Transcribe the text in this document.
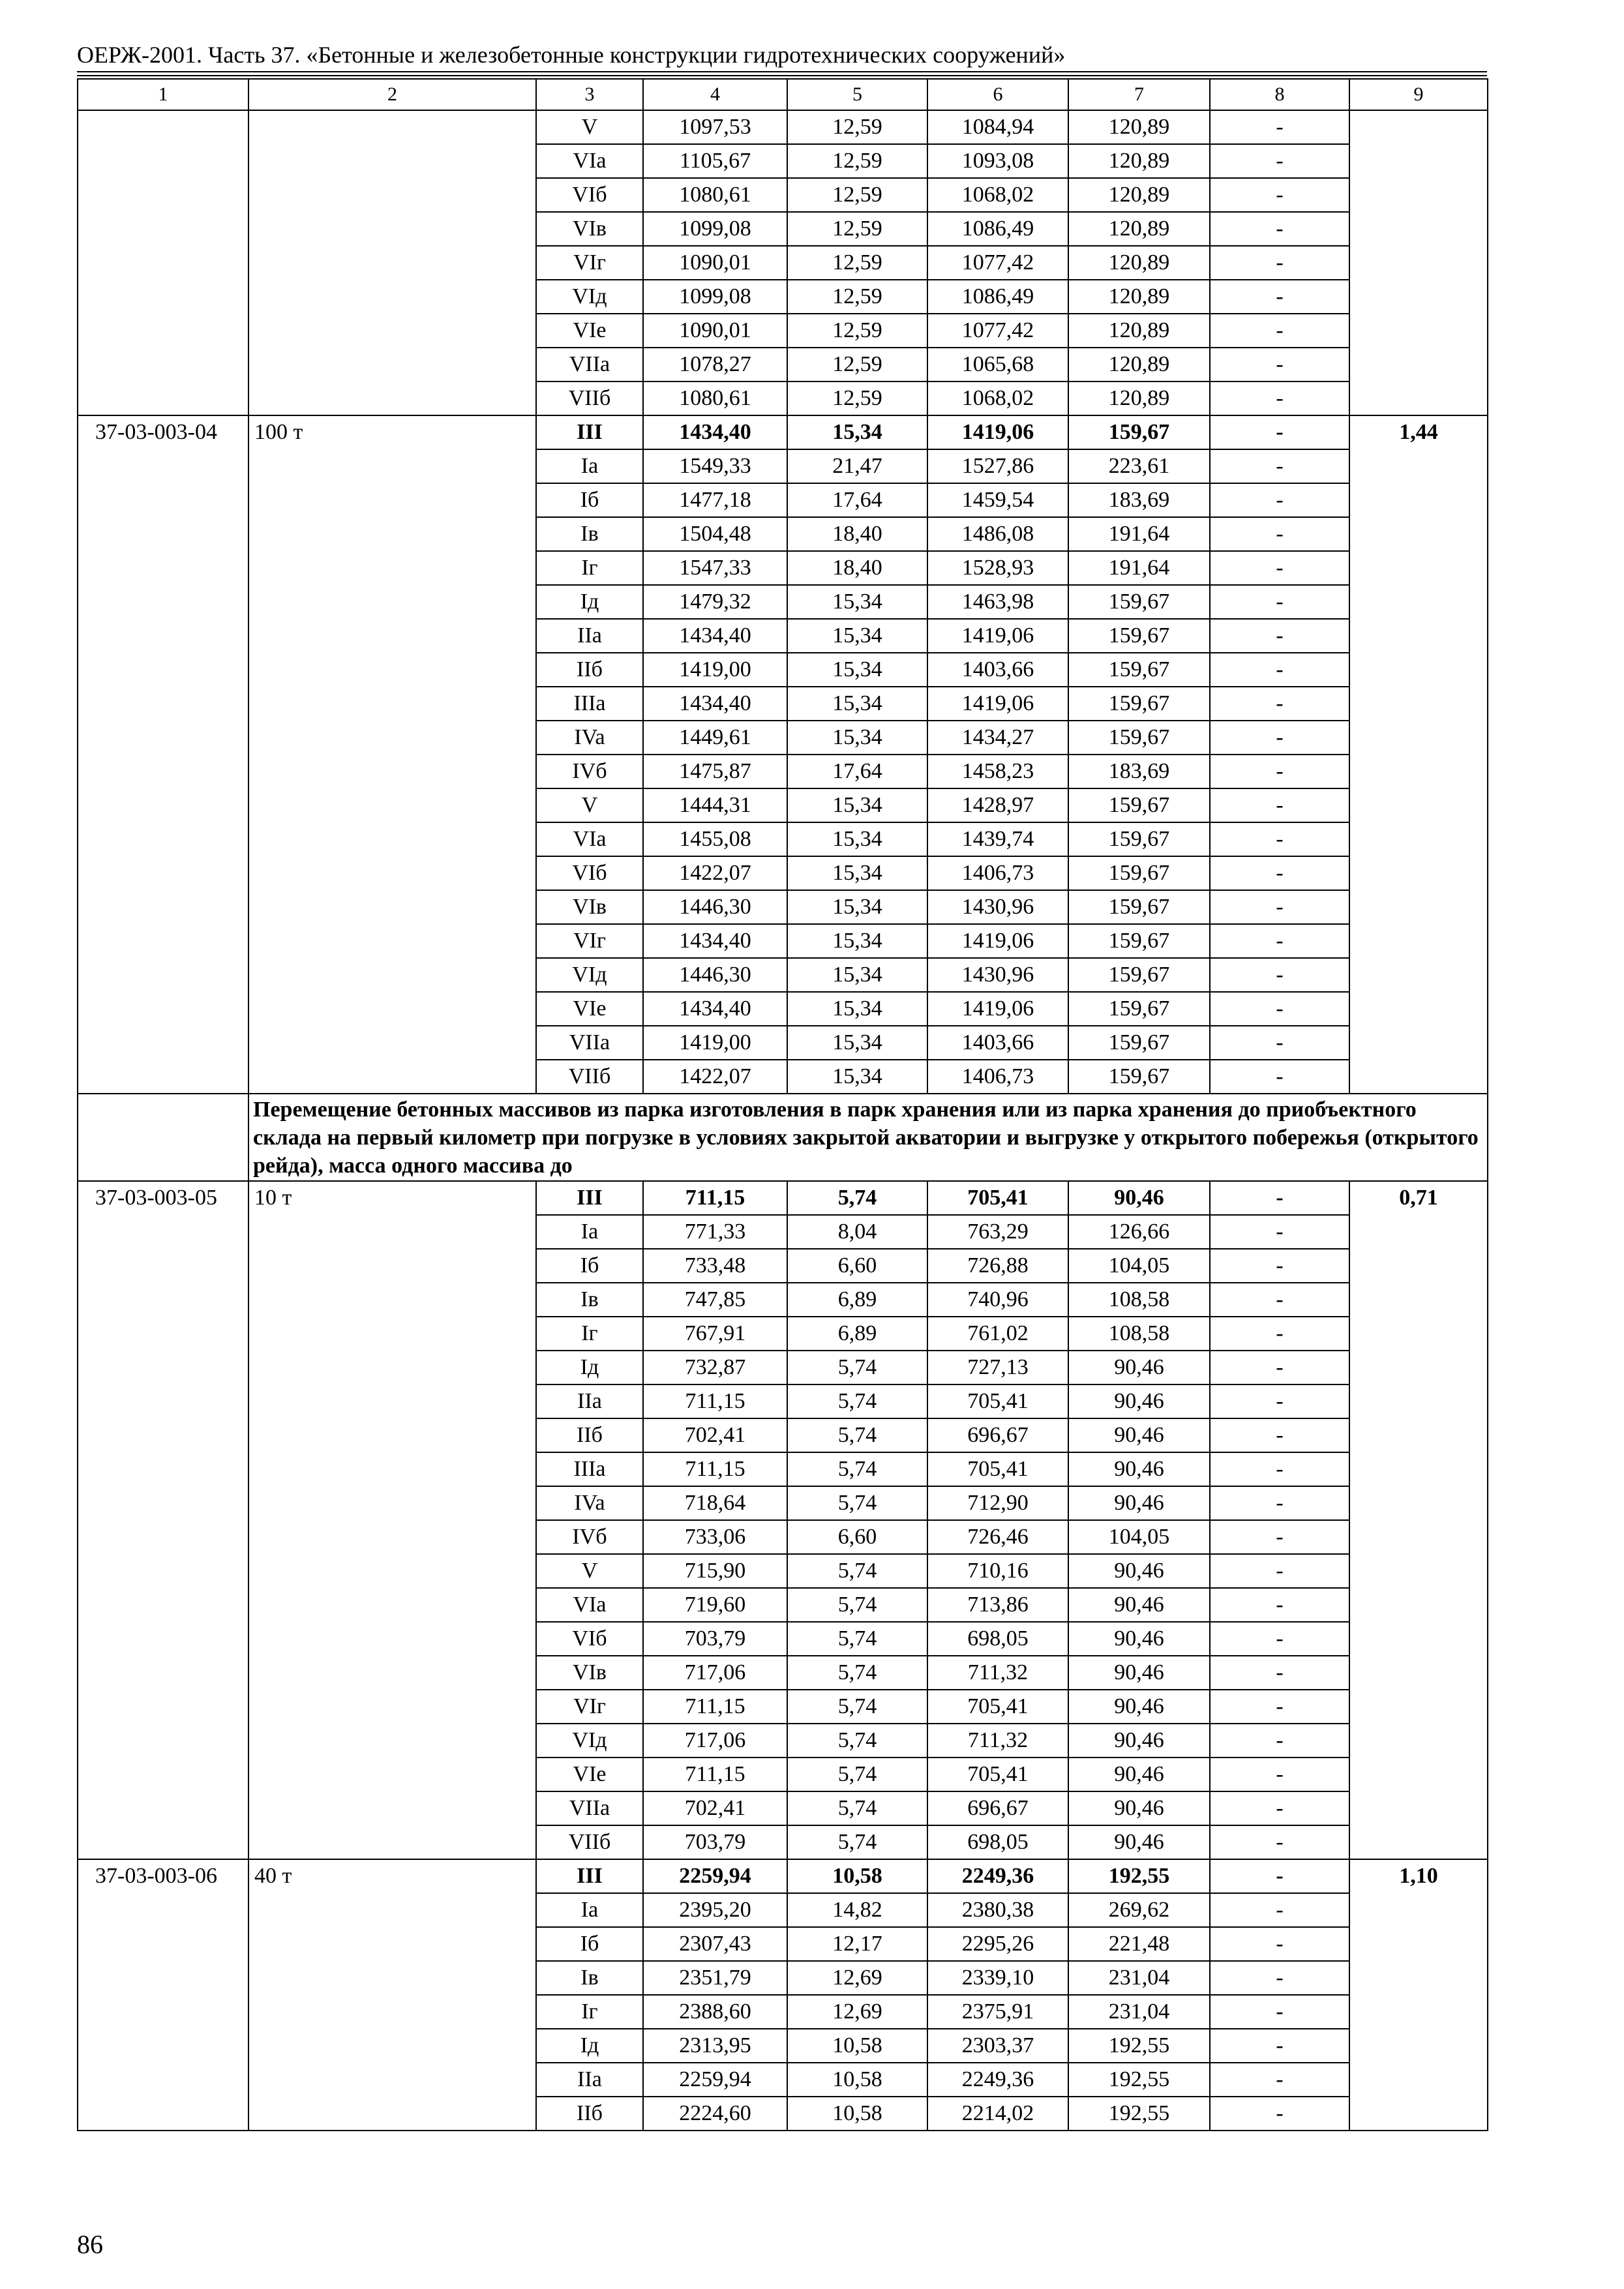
ОЕРЖ-2001. Часть 37. «Бетонные и железобетонные конструкции гидротехнических сооружений»
1	2	3	4	5	6	7	8	9
		V	1097,53	12,59	1084,94	120,89	-	
		VIa	1105,67	12,59	1093,08	120,89	-	
		VIб	1080,61	12,59	1068,02	120,89	-	
		VIв	1099,08	12,59	1086,49	120,89	-	
		VIг	1090,01	12,59	1077,42	120,89	-	
		VIд	1099,08	12,59	1086,49	120,89	-	
		VIe	1090,01	12,59	1077,42	120,89	-	
		VIIa	1078,27	12,59	1065,68	120,89	-	
		VIIб	1080,61	12,59	1068,02	120,89	-	
37-03-003-04	100 т	III	1434,40	15,34	1419,06	159,67	-	1,44
		Ia	1549,33	21,47	1527,86	223,61	-	
		Iб	1477,18	17,64	1459,54	183,69	-	
		Iв	1504,48	18,40	1486,08	191,64	-	
		Iг	1547,33	18,40	1528,93	191,64	-	
		Iд	1479,32	15,34	1463,98	159,67	-	
		IIa	1434,40	15,34	1419,06	159,67	-	
		IIб	1419,00	15,34	1403,66	159,67	-	
		IIIa	1434,40	15,34	1419,06	159,67	-	
		IVa	1449,61	15,34	1434,27	159,67	-	
		IVб	1475,87	17,64	1458,23	183,69	-	
		V	1444,31	15,34	1428,97	159,67	-	
		VIa	1455,08	15,34	1439,74	159,67	-	
		VIб	1422,07	15,34	1406,73	159,67	-	
		VIв	1446,30	15,34	1430,96	159,67	-	
		VIг	1434,40	15,34	1419,06	159,67	-	
		VIд	1446,30	15,34	1430,96	159,67	-	
		VIe	1434,40	15,34	1419,06	159,67	-	
		VIIa	1419,00	15,34	1403,66	159,67	-	
		VIIб	1422,07	15,34	1406,73	159,67	-	
	Перемещение бетонных массивов из парка изготовления в парк хранения или из парка хранения до приобъектного склада на первый километр при погрузке в условиях закрытой акватории и выгрузке у открытого побережья (открытого рейда), масса одного массива до							
37-03-003-05	10 т	III	711,15	5,74	705,41	90,46	-	0,71
		Ia	771,33	8,04	763,29	126,66	-	
		Iб	733,48	6,60	726,88	104,05	-	
		Iв	747,85	6,89	740,96	108,58	-	
		Iг	767,91	6,89	761,02	108,58	-	
		Iд	732,87	5,74	727,13	90,46	-	
		IIa	711,15	5,74	705,41	90,46	-	
		IIб	702,41	5,74	696,67	90,46	-	
		IIIa	711,15	5,74	705,41	90,46	-	
		IVa	718,64	5,74	712,90	90,46	-	
		IVб	733,06	6,60	726,46	104,05	-	
		V	715,90	5,74	710,16	90,46	-	
		VIa	719,60	5,74	713,86	90,46	-	
		VIб	703,79	5,74	698,05	90,46	-	
		VIв	717,06	5,74	711,32	90,46	-	
		VIг	711,15	5,74	705,41	90,46	-	
		VIд	717,06	5,74	711,32	90,46	-	
		VIe	711,15	5,74	705,41	90,46	-	
		VIIa	702,41	5,74	696,67	90,46	-	
		VIIб	703,79	5,74	698,05	90,46	-	
37-03-003-06	40 т	III	2259,94	10,58	2249,36	192,55	-	1,10
		Ia	2395,20	14,82	2380,38	269,62	-	
		Iб	2307,43	12,17	2295,26	221,48	-	
		Iв	2351,79	12,69	2339,10	231,04	-	
		Iг	2388,60	12,69	2375,91	231,04	-	
		Iд	2313,95	10,58	2303,37	192,55	-	
		IIa	2259,94	10,58	2249,36	192,55	-	
		IIб	2224,60	10,58	2214,02	192,55	-	
86
